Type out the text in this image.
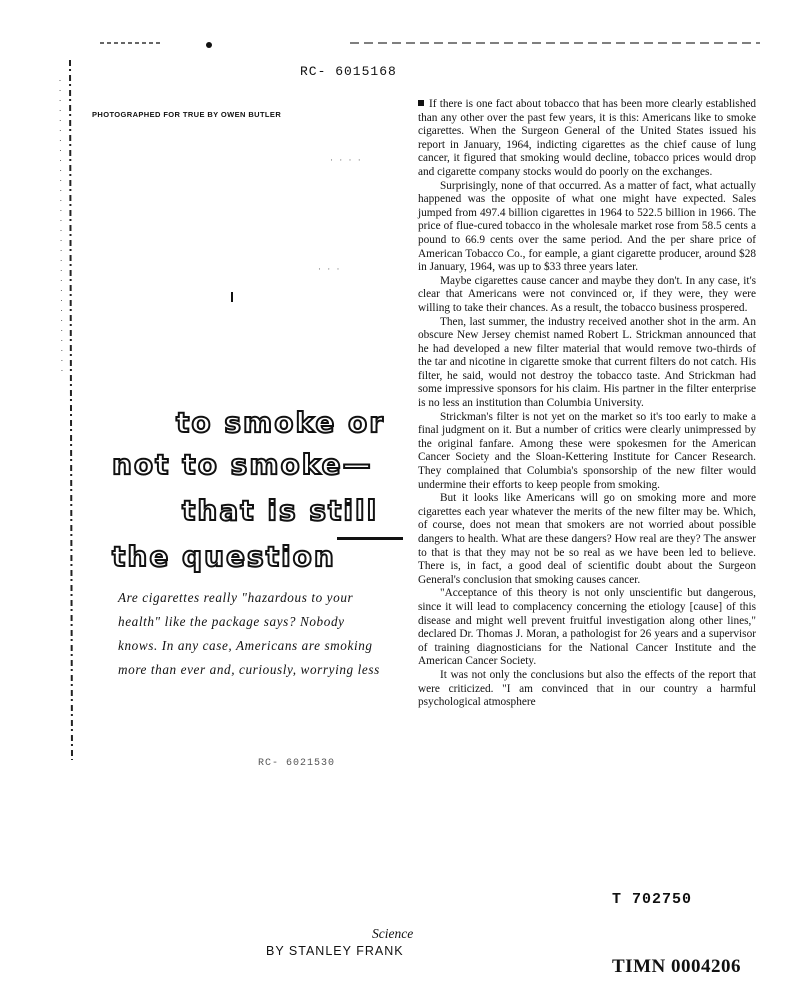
· · · ·
· · ·
RC- 6015168
PHOTOGRAPHED FOR TRUE BY OWEN BUTLER
to smoke or
not to smoke—
that is still
the question

Are cigarettes really "hazardous to your

health" like the package says? Nobody

knows. In any case, Americans are smoking

more than ever and, curiously, worrying less

RC- 6021530
Science
BY STANLEY FRANK

If there is one fact about tobacco that has been more clearly established than any other over the past few years, it is this: Americans like to smoke cigarettes. When the Surgeon General of the United States issued his report in January, 1964, indicting cigarettes as the chief cause of lung cancer, it figured that smoking would decline, tobacco prices would drop and cigarette company stocks would do poorly on the exchanges.

Surprisingly, none of that occurred. As a matter of fact, what actually happened was the opposite of what one might have expected. Sales jumped from 497.4 billion cigarettes in 1964 to 522.5 billion in 1966. The price of flue-cured tobacco in the wholesale market rose from 58.5 cents a pound to 66.9 cents over the same period. And the per share price of American Tobacco Co., for eample, a giant cigarette producer, around $28 in January, 1964, was up to $33 three years later.

Maybe cigarettes cause cancer and maybe they don't. In any case, it's clear that Americans were not convinced or, if they were, they were willing to take their chances. As a result, the tobacco business prospered.

Then, last summer, the industry received another shot in the arm. An obscure New Jersey chemist named Robert L. Strickman announced that he had developed a new filter material that would remove two-thirds of the tar and nicotine in cigarette smoke that current filters do not catch. His filter, he said, would not destroy the tobacco taste. And Strickman had some impressive sponsors for his claim. His partner in the filter enterprise is no less an institution than Columbia University.

Strickman's filter is not yet on the market so it's too early to make a final judgment on it. But a number of critics were clearly unimpressed by the original fanfare. Among these were spokesmen for the American Cancer Society and the Sloan-Kettering Institute for Cancer Research. They complained that Columbia's sponsorship of the new filter would undermine their efforts to keep people from smoking.

But it looks like Americans will go on smoking more and more cigarettes each year whatever the merits of the new filter may be. Which, of course, does not mean that smokers are not worried about possible dangers to health. What are these dangers? How real are they? The answer to that is that they may not be so real as we have been led to believe. There is, in fact, a good deal of scientific doubt about the Surgeon General's conclusion that smoking causes cancer.

"Acceptance of this theory is not only unscientific but dangerous, since it will lead to complacency concerning the etiology [cause] of this disease and might well prevent fruitful investigation along other lines," declared Dr. Thomas J. Moran, a pathologist for 26 years and a supervisor of training diagnosticians for the National Cancer Institute and the American Cancer Society.

It was not only the conclusions but also the effects of the report that were criticized. "I am convinced that in our country a harmful psychological atmosphere

T 702750
TIMN 0004206
